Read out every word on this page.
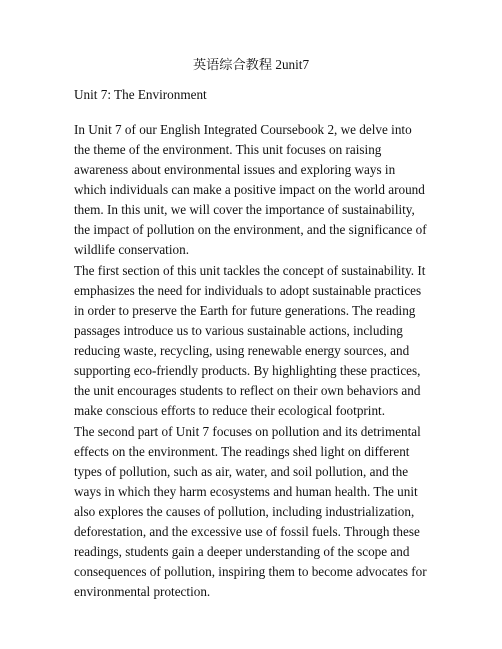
英语综合教程 2unit7
Unit 7: The Environment
In Unit 7 of our English Integrated Coursebook 2, we delve into
the theme of the environment. This unit focuses on raising
awareness about environmental issues and exploring ways in
which individuals can make a positive impact on the world around
them. In this unit, we will cover the importance of sustainability,
the impact of pollution on the environment, and the significance of
wildlife conservation.
The first section of this unit tackles the concept of sustainability. It
emphasizes the need for individuals to adopt sustainable practices
in order to preserve the Earth for future generations. The reading
passages introduce us to various sustainable actions, including
reducing waste, recycling, using renewable energy sources, and
supporting eco-friendly products. By highlighting these practices,
the unit encourages students to reflect on their own behaviors and
make conscious efforts to reduce their ecological footprint.
The second part of Unit 7 focuses on pollution and its detrimental
effects on the environment. The readings shed light on different
types of pollution, such as air, water, and soil pollution, and the
ways in which they harm ecosystems and human health. The unit
also explores the causes of pollution, including industrialization,
deforestation, and the excessive use of fossil fuels. Through these
readings, students gain a deeper understanding of the scope and
consequences of pollution, inspiring them to become advocates for
environmental protection.
